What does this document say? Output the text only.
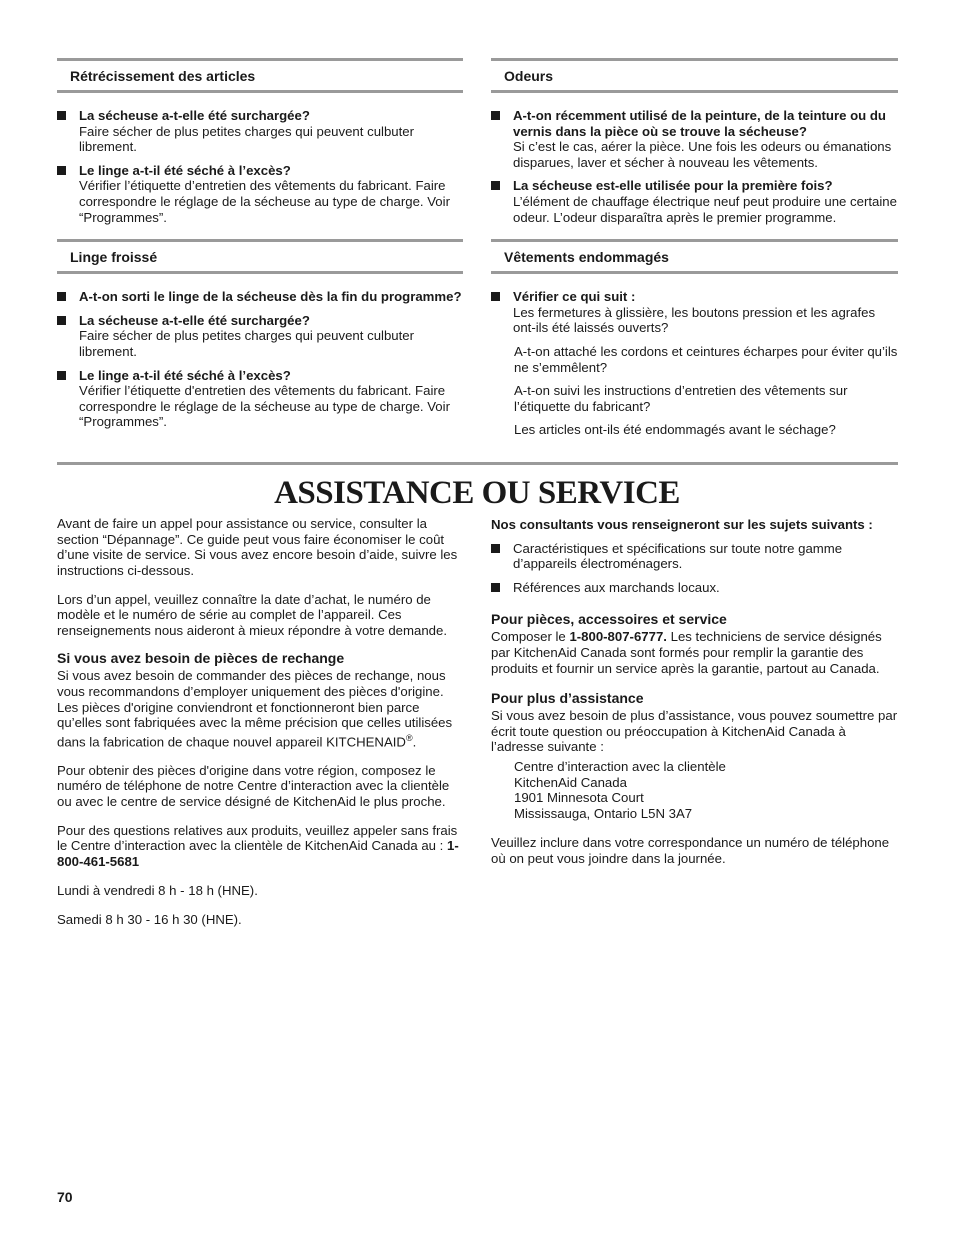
Rétrécissement des articles
La sécheuse a-t-elle été surchargée?
Faire sécher de plus petites charges qui peuvent culbuter librement.
Le linge a-t-il été séché à l’excès?
Vérifier l’étiquette d’entretien des vêtements du fabricant. Faire correspondre le réglage de la sécheuse au type de charge. Voir “Programmes”.
Linge froissé
A-t-on sorti le linge de la sécheuse dès la fin du programme?
La sécheuse a-t-elle été surchargée?
Faire sécher de plus petites charges qui peuvent culbuter librement.
Le linge a-t-il été séché à l’excès?
Vérifier l’étiquette d'entretien des vêtements du fabricant. Faire correspondre le réglage de la sécheuse au type de charge. Voir “Programmes”.
Odeurs
A-t-on récemment utilisé de la peinture, de la teinture ou du vernis dans la pièce où se trouve la sécheuse?
Si c’est le cas, aérer la pièce. Une fois les odeurs ou émanations disparues, laver et sécher à nouveau les vêtements.
La sécheuse est-elle utilisée pour la première fois?
L’élément de chauffage électrique neuf peut produire une certaine odeur. L’odeur disparaîtra après le premier programme.
Vêtements endommagés
Vérifier ce qui suit :
Les fermetures à glissière, les boutons pression et les agrafes ont-ils été laissés ouverts?

A-t-on attaché les cordons et ceintures écharpes pour éviter qu’ils ne s’emmêlent?

A-t-on suivi les instructions d’entretien des vêtements sur l’étiquette du fabricant?

Les articles ont-ils été endommagés avant le séchage?

ASSISTANCE OU SERVICE

Avant de faire un appel pour assistance ou service, consulter la section “Dépannage”. Ce guide peut vous faire économiser le coût d’une visite de service. Si vous avez encore besoin d’aide, suivre les instructions ci-dessous.

Lors d’un appel, veuillez connaître la date d’achat, le numéro de modèle et le numéro de série au complet de l’appareil. Ces renseignements nous aideront à mieux répondre à votre demande.

Si vous avez besoin de pièces de rechange

Si vous avez besoin de commander des pièces de rechange, nous vous recommandons d’employer uniquement des pièces d'origine. Les pièces d'origine conviendront et fonctionneront bien parce qu’elles sont fabriquées avec la même précision que celles utilisées dans la fabrication de chaque nouvel appareil KITCHENAID®.

Pour obtenir des pièces d'origine dans votre région, composez le numéro de téléphone de notre Centre d’interaction avec la clientèle ou avec le centre de service désigné de KitchenAid le plus proche.

Pour des questions relatives aux produits, veuillez appeler sans frais le Centre d’interaction avec la clientèle de KitchenAid Canada au : 1-800-461-5681

Lundi à vendredi 8 h - 18 h (HNE).

Samedi 8 h 30 - 16 h 30 (HNE).

Nos consultants vous renseigneront sur les sujets suivants :

Caractéristiques et spécifications sur toute notre gamme d’appareils électroménagers.
Références aux marchands locaux.
Pour pièces, accessoires et service

Composer le 1-800-807-6777. Les techniciens de service désignés par KitchenAid Canada sont formés pour remplir la garantie des produits et fournir un service après la garantie, partout au Canada.

Pour plus d’assistance

Si vous avez besoin de plus d’assistance, vous pouvez soumettre par écrit toute question ou préoccupation à KitchenAid Canada à l’adresse suivante :

Centre d’interaction avec la clientèle
KitchenAid Canada
1901 Minnesota Court
Mississauga, Ontario L5N 3A7

Veuillez inclure dans votre correspondance un numéro de téléphone où on peut vous joindre dans la journée.

70
